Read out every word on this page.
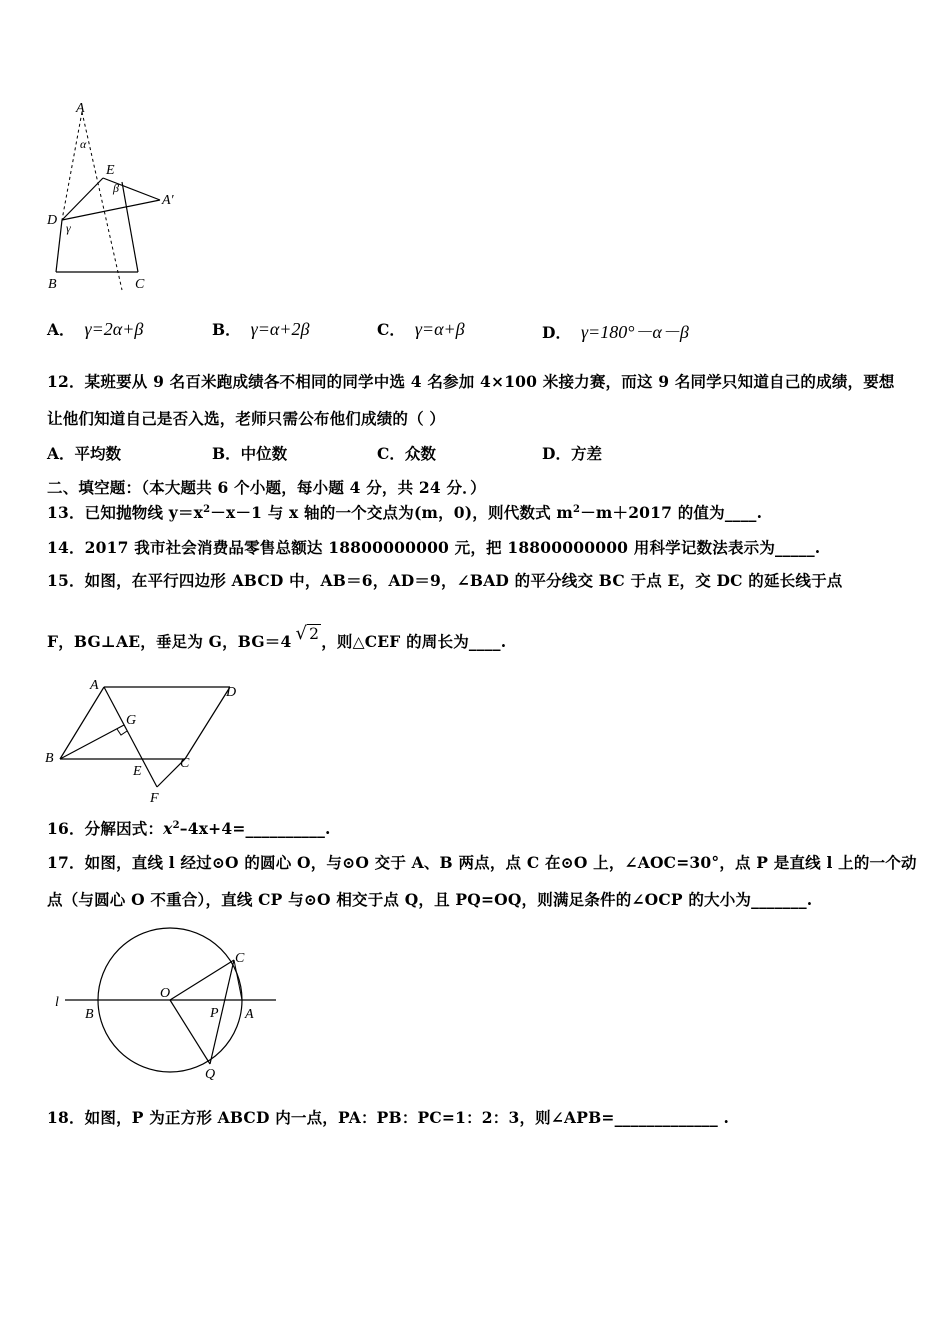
A
α
E
β
A′
D γ
B	C
A． γ=2α+β	B． γ=α+2β	C． γ=α+β	D． γ=180°－α－β
12．某班要从 9 名百米跑成绩各不相同的同学中选 4 名参加 4×100 米接力赛，而这 9 名同学只知道自己的成绩，要想
让他们知道自己是否入选，老师只需公布他们成绩的（ ）
A．平均数	B．中位数	C．众数	D．方差
二、填空题：（本大题共 6 个小题，每小题 4 分，共 24 分．）
13．已知抛物线 $y=x^2-x-1$ 与 x 轴的一个交点为(m，0)，则代数式 $m^2-m+2017$ 的值为____.
14．2017 我市社会消费品零售总额达 18800000000 元，把 18800000000 用科学记数法表示为_____.
15．如图，在平行四边形 ABCD 中，AB＝6，AD＝9，∠BAD 的平分线交 BC 于点 E，交 DC 的延长线于点
F，BG⊥AE，垂足为 G，BG＝4 √ 2 ，则△CEF 的周长为____.
A	D
G
B
E
C
F
16．分解因式：$x^2-4x+4=\_\_\_\_\_\_\_\_\_\_$.
17．如图，直线 l 经过⊙O 的圆心 O，与⊙O 交于 A、B 两点，点 C 在⊙O 上，∠AOC=30°，点 P 是直线 l 上的一个动
点（与圆心 O 不重合），直线 CP 与⊙O 相交于点 Q，且 PQ=OQ，则满足条件的∠OCP 的大小为_______.
l
B
O
P A
C
Q
18．如图，P 为正方形 ABCD 内一点，PA：PB：PC=1：2：3，则∠APB=_____________ .
